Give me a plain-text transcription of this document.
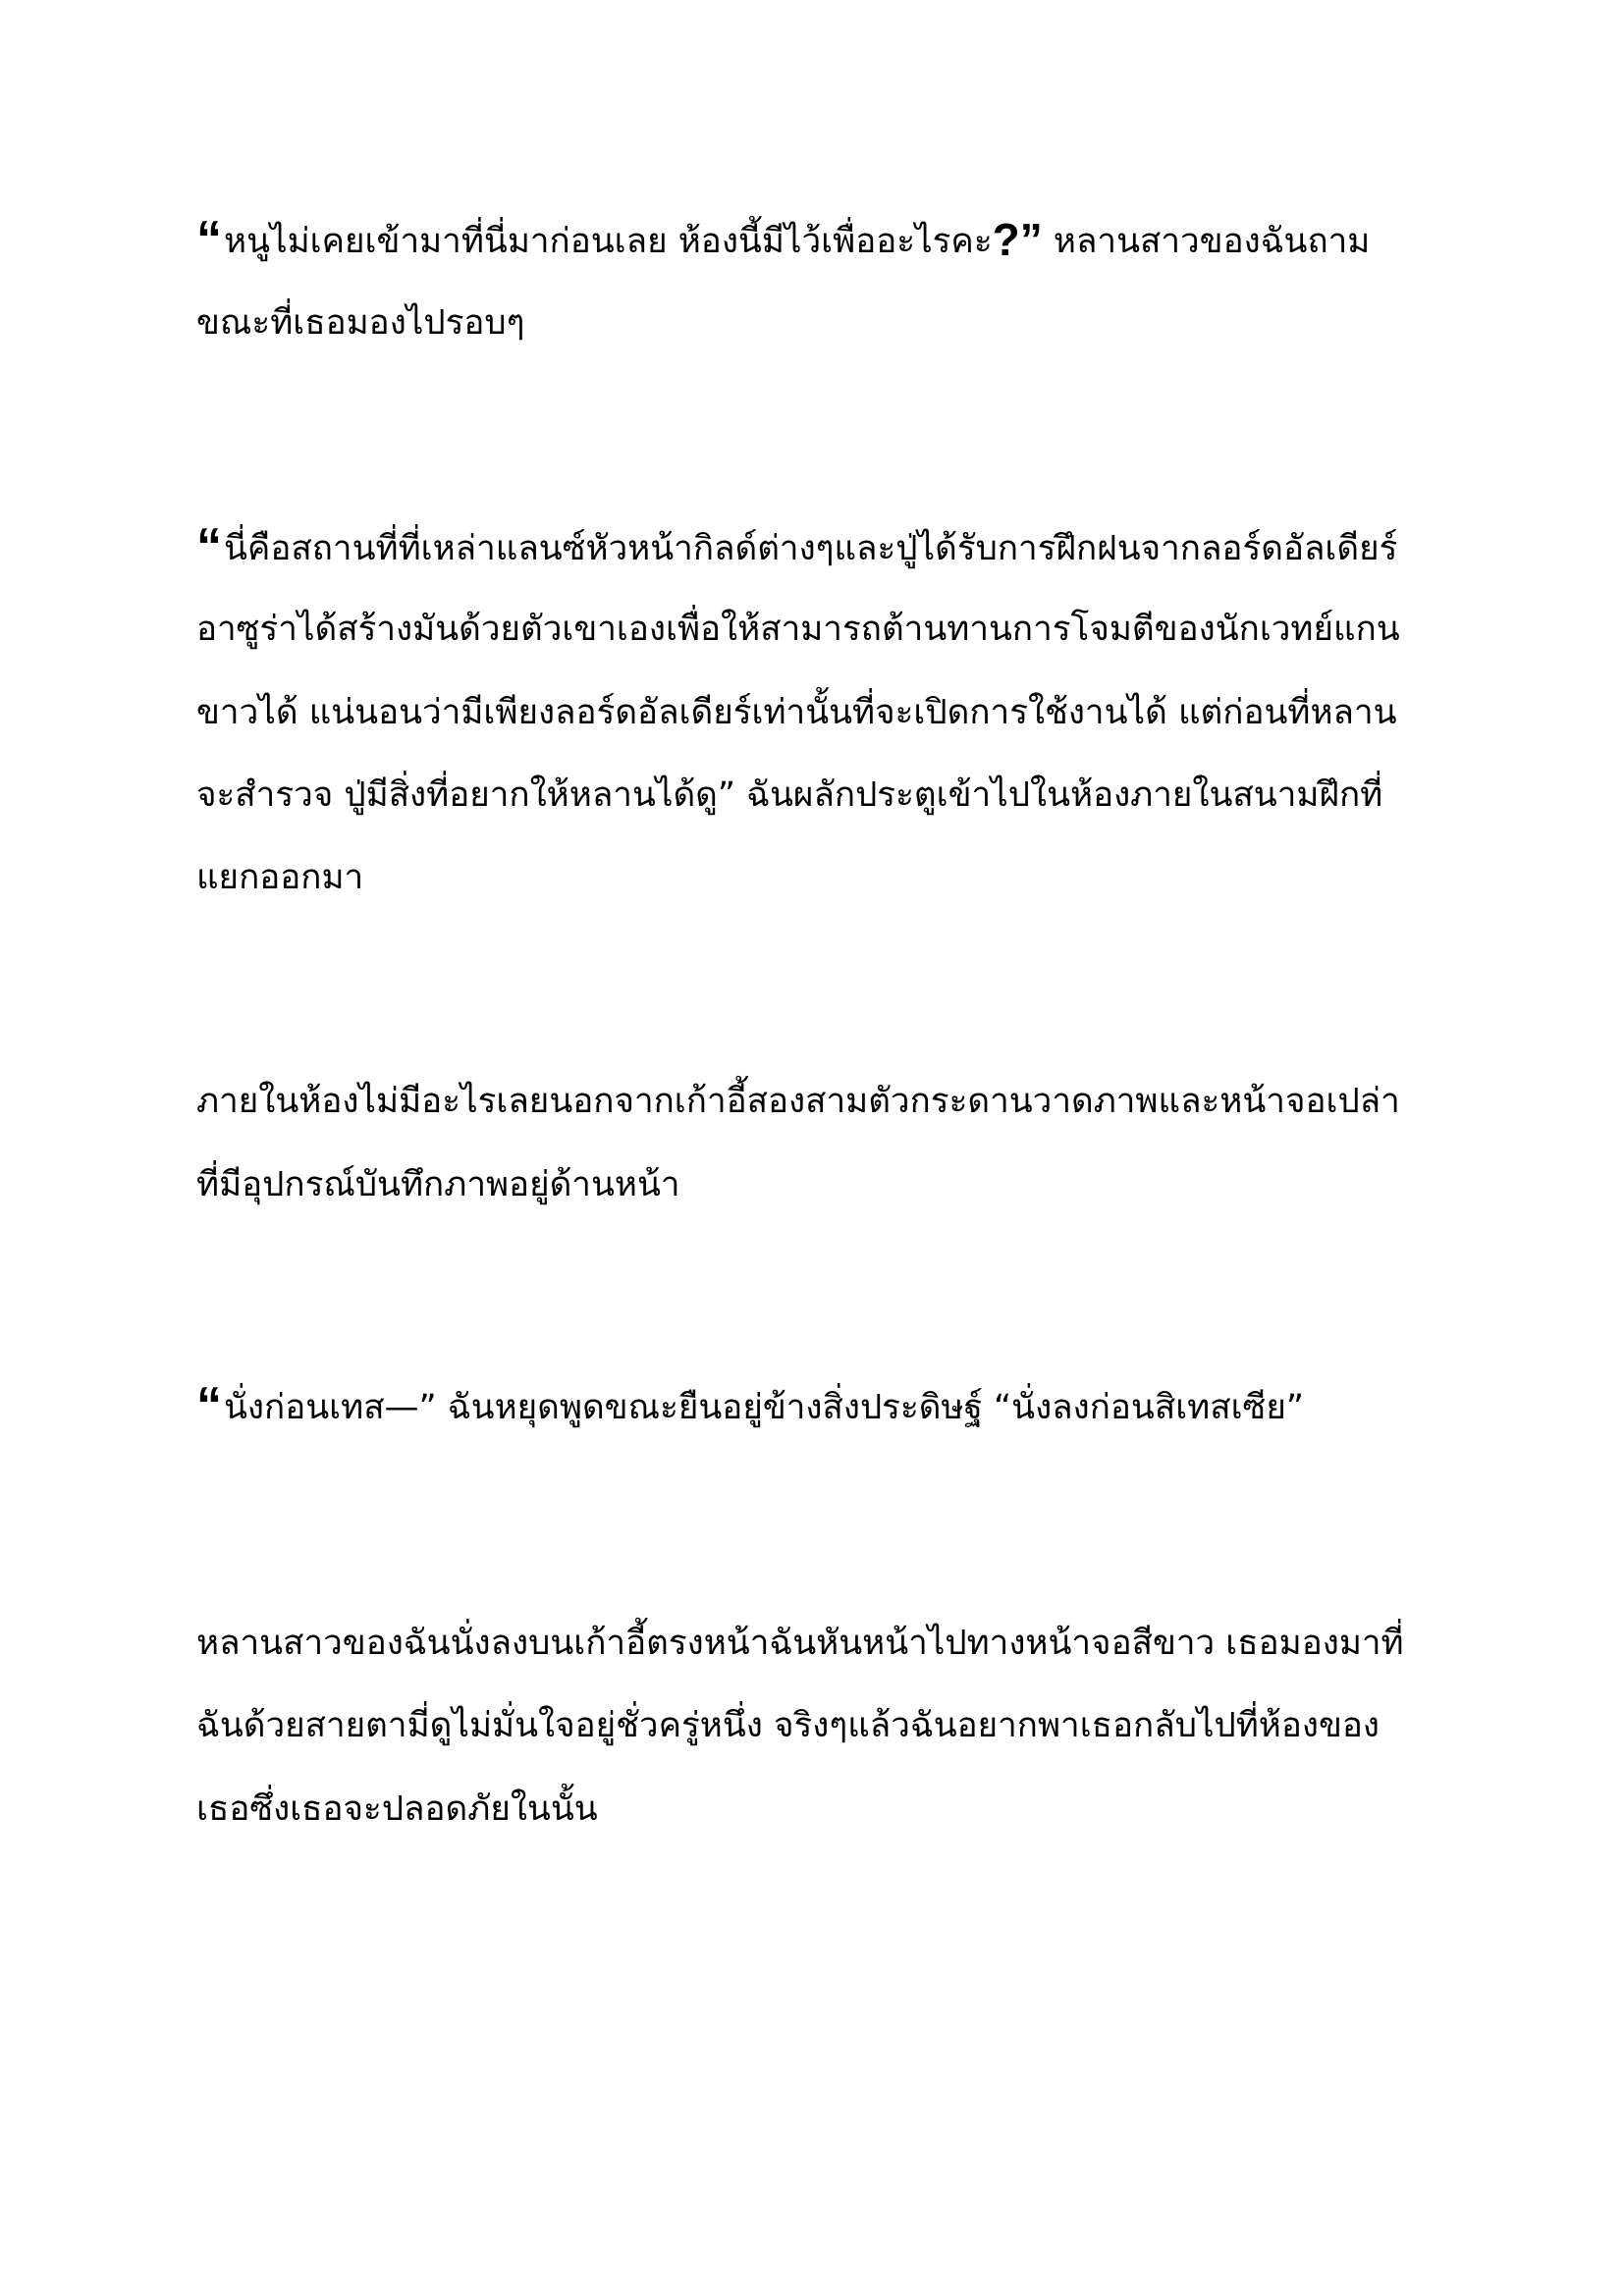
“หนูไม่เคยเข้ามาที่นี่มาก่อนเลย ห้องนี้มีไว้เพื่ออะไรคะ?” หลานสาวของฉันถาม
ขณะที่เธอมองไปรอบๆ
“นี่คือสถานที่ที่เหล่าแลนซ์หัวหน้ากิลด์ต่างๆและปู่ได้รับการฝึกฝนจากลอร์ดอัลเดียร์
อาซูร่าได้สร้างมันด้วยตัวเขาเองเพื่อให้สามารถต้านทานการโจมตีของนักเวทย์แกน
ขาวได้ แน่นอนว่ามีเพียงลอร์ดอัลเดียร์เท่านั้นที่จะเปิดการใช้งานได้ แต่ก่อนที่หลาน
จะสำรวจ ปู่มีสิ่งที่อยากให้หลานได้ดู” ฉันผลักประตูเข้าไปในห้องภายในสนามฝึกที่
แยกออกมา
ภายในห้องไม่มีอะไรเลยนอกจากเก้าอี้สองสามตัวกระดานวาดภาพและหน้าจอเปล่า
ที่มีอุปกรณ์บันทึกภาพอยู่ด้านหน้า
“นั่งก่อนเทส—” ฉันหยุดพูดขณะยืนอยู่ข้างสิ่งประดิษฐ์ “นั่งลงก่อนสิเทสเซีย”
หลานสาวของฉันนั่งลงบนเก้าอี้ตรงหน้าฉันหันหน้าไปทางหน้าจอสีขาว เธอมองมาที่
ฉันด้วยสายตามี่ดูไม่มั่นใจอยู่ชั่วครู่หนึ่ง จริงๆแล้วฉันอยากพาเธอกลับไปที่ห้องของ
เธอซึ่งเธอจะปลอดภัยในนั้น
